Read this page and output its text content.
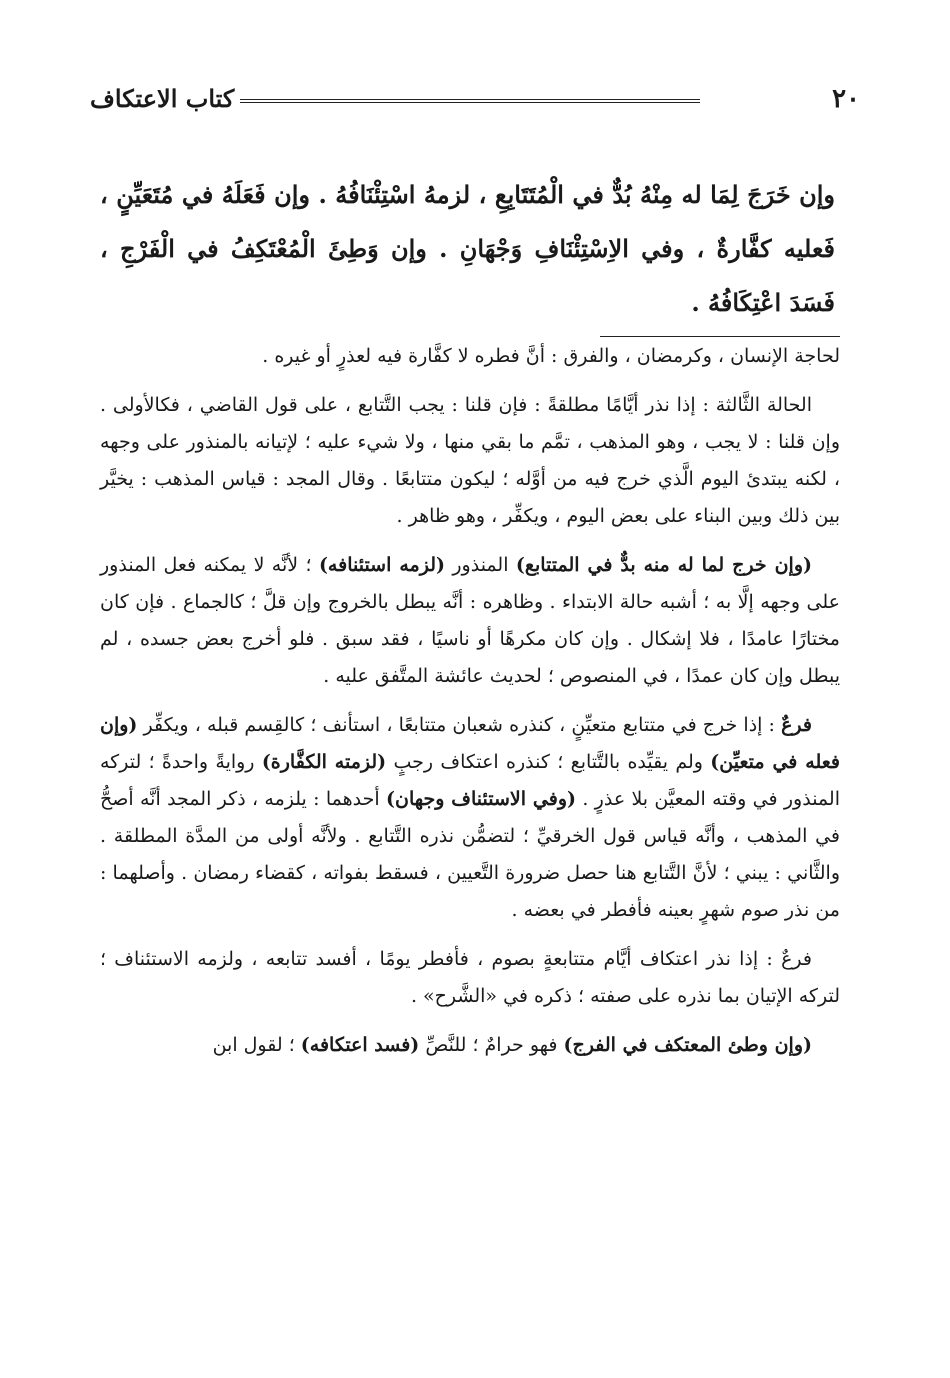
كتاب الاعتكاف	٢٠
وإن خَرَجَ لِمَا له مِنْهُ بُدٌّ في الْمُتَتَابِعِ ، لزمهُ اسْتِئْنَافُهُ . وإن فَعَلَهُ في مُتَعَيِّنٍ ، فَعليه كفَّارةٌ ، وفي الاِسْتِئْنَافِ وَجْهَانِ . وإن وَطِئَ الْمُعْتَكِفُ في الْفَرْجِ ، فَسَدَ اعْتِكَافُهُ .

لحاجة الإنسان ، وكرمضان ، والفرق : أنَّ فطره لا كفَّارة فيه لعذرٍ أو غيره .

الحالة الثَّالثة : إذا نذر أيَّامًا مطلقةً : فإن قلنا : يجب التَّتابع ، على قول القاضي ، فكالأولى . وإن قلنا : لا يجب ، وهو المذهب ، تمَّم ما بقي منها ، ولا شيء عليه ؛ لإتيانه بالمنذور على وجهه ، لكنه يبتدئ اليوم الَّذي خرج فيه من أوَّله ؛ ليكون متتابعًا . وقال المجد : قياس المذهب : يخيَّر بين ذلك وبين البناء على بعض اليوم ، ويكفِّر ، وهو ظاهر .

(وإن خرج لما له منه بدٌّ في المتتابع) المنذور (لزمه استئنافه) ؛ لأنَّه لا يمكنه فعل المنذور على وجهه إلَّا به ؛ أشبه حالة الابتداء . وظاهره : أنَّه يبطل بالخروج وإن قلَّ ؛ كالجماع . فإن كان مختارًا عامدًا ، فلا إشكال . وإن كان مكرهًا أو ناسيًا ، فقد سبق . فلو أخرج بعض جسده ، لم يبطل وإن كان عمدًا ، في المنصوص ؛ لحديث عائشة المتَّفق عليه .

فرعٌ : إذا خرج في متتابع متعيِّنٍ ، كنذره شعبان متتابعًا ، استأنف ؛ كالقِسم قبله ، ويكفِّر (وإن فعله في متعيِّن) ولم يقيِّده بالتَّتابع ؛ كنذره اعتكاف رجبٍ (لزمته الكفَّارة) روايةً واحدةً ؛ لتركه المنذور في وقته المعيَّن بلا عذرٍ . (وفي الاستئناف وجهان) أحدهما : يلزمه ، ذكر المجد أنَّه أصحُّ في المذهب ، وأنَّه قياس قول الخرقيِّ ؛ لتضمُّن نذره التَّتابع . ولأنَّه أولى من المدَّة المطلقة . والثَّاني : يبني ؛ لأنَّ التَّتابع هنا حصل ضرورة التَّعيين ، فسقط بفواته ، كقضاء رمضان . وأصلهما : من نذر صوم شهرٍ بعينه فأفطر في بعضه .

فرعٌ : إذا نذر اعتكاف أيَّام متتابعةٍ بصوم ، فأفطر يومًا ، أفسد تتابعه ، ولزمه الاستئناف ؛ لتركه الإتيان بما نذره على صفته ؛ ذكره في «الشَّرح» .

(وإن وطئ المعتكف في الفرج) فهو حرامٌ ؛ للنَّصِّ (فسد اعتكافه) ؛ لقول ابن
